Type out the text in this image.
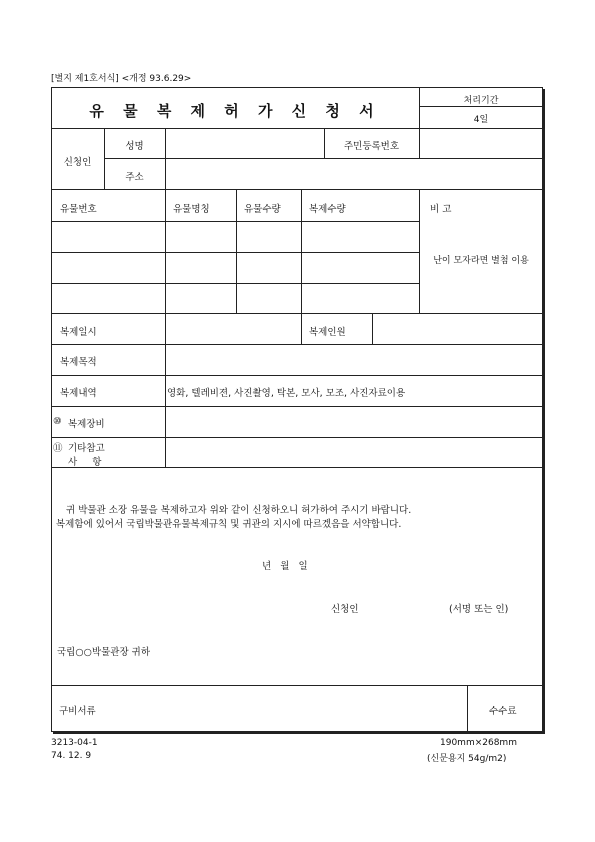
[별지 제1호서식] <개정 93.6.29>
유 물 복 제 허 가 신 청 서
처리기간
4일
신청인
성명	주민등록번호
주소
유물번호	유물명칭	유물수량	복제수량	비 고
난이 모자라면 별첨 이용
복제일시	복제인원
복제목적
복제내역	영화, 텔레비젼, 사진촬영, 탁본, 모사, 모조, 사진자료이용
⑩ 복제장비
⑪ 기타참고
사 항
귀 박물관 소장 유물을 복제하고자 위와 같이 신청하오니 허가하여 주시기 바랍니다.
복제함에 있어서 국립박물관유물복제규칙 및 귀관의 지시에 따르겠음을 서약합니다.
년   월   일
신청인	(서명 또는 인)
국립○○박물관장 귀하
구비서류	수수료
3213-04-1
74. 12. 9
190mm×268mm
(신문용지 54g/m2)
